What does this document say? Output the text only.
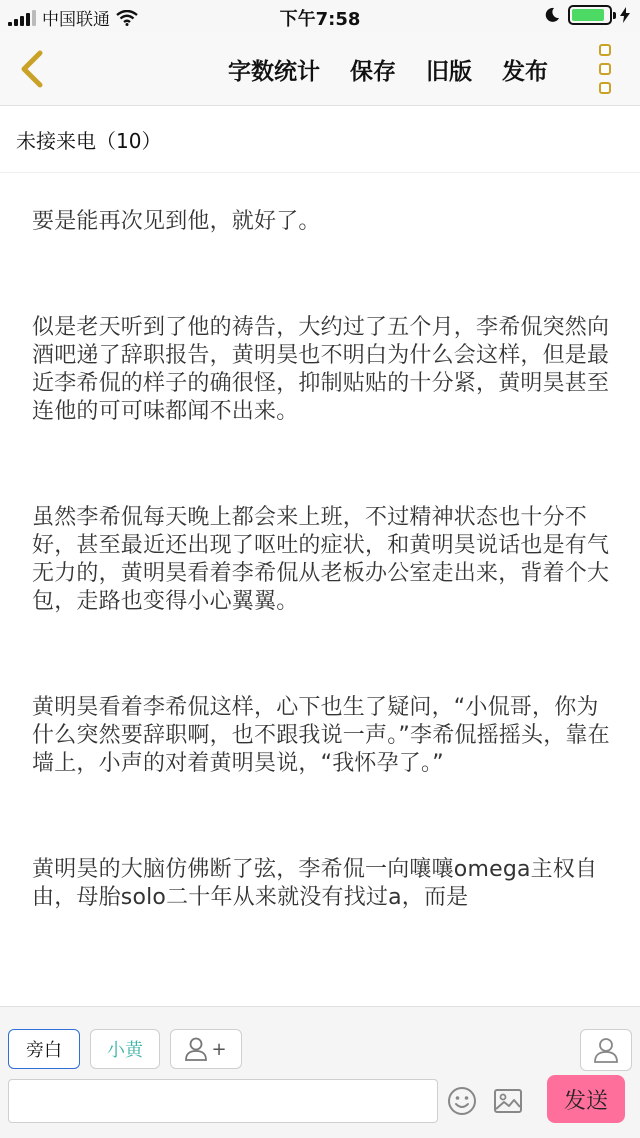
中国联通	下午7:58
字数统计 保存 旧版 发布
未接来电（10）

要是能再次见到他，就好了。

似是老天听到了他的祷告，大约过了五个月，李希侃突然向酒吧递了辞职报告，黄明昊也不明白为什么会这样，但是最近李希侃的样子的确很怪，抑制贴贴的十分紧，黄明昊甚至连他的可可味都闻不出来。

虽然李希侃每天晚上都会来上班，不过精神状态也十分不好，甚至最近还出现了呕吐的症状，和黄明昊说话也是有气无力的，黄明昊看着李希侃从老板办公室走出来，背着个大包，走路也变得小心翼翼。

黄明昊看着李希侃这样，心下也生了疑问，“小侃哥，你为什么突然要辞职啊，也不跟我说一声。”李希侃摇摇头，靠在墙上，小声的对着黄明昊说，“我怀孕了。”

黄明昊的大脑仿佛断了弦，李希侃一向嚷嚷omega主权自由，母胎solo二十年从来就没有找过a，而是

旁白	小黄	+
发送
